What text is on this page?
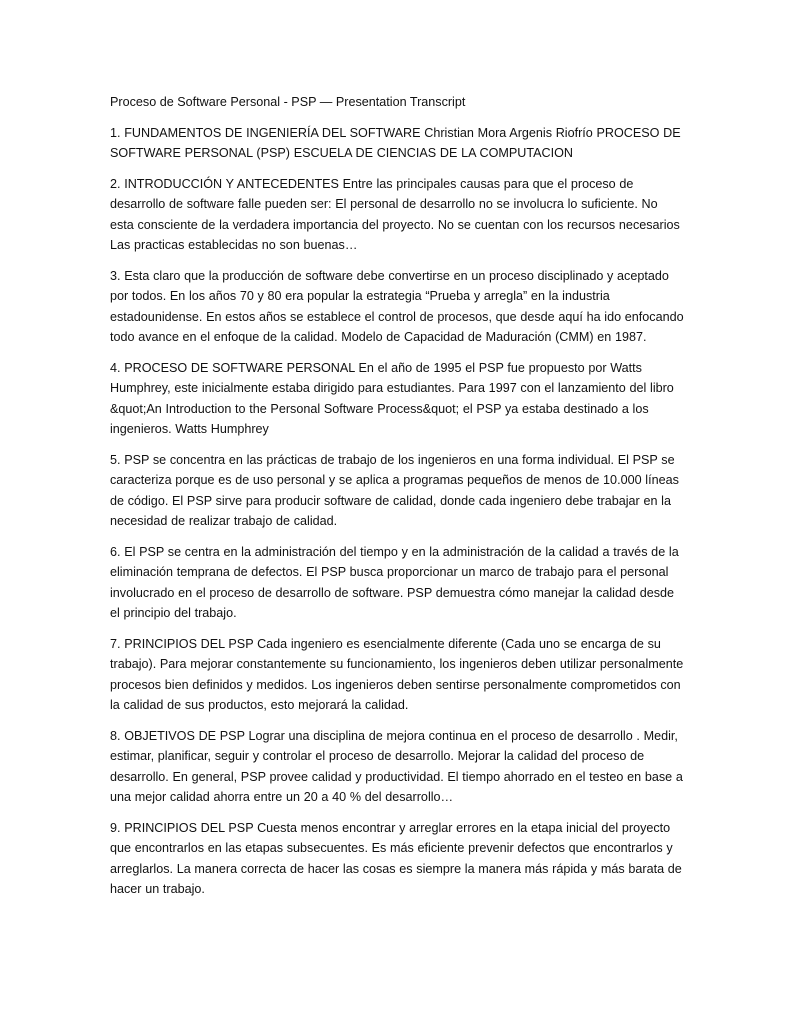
Proceso de Software Personal - PSP — Presentation Transcript

1. FUNDAMENTOS DE INGENIERÍA DEL SOFTWARE Christian Mora Argenis Riofrío PROCESO DE SOFTWARE PERSONAL (PSP) ESCUELA DE CIENCIAS DE LA COMPUTACION

2. INTRODUCCIÓN Y ANTECEDENTES Entre las principales causas para que el proceso de desarrollo de software falle pueden ser: El personal de desarrollo no se involucra lo suficiente. No esta consciente de la verdadera importancia del proyecto. No se cuentan con los recursos necesarios Las practicas establecidas no son buenas…

3. Esta claro que la producción de software debe convertirse en un proceso disciplinado y aceptado por todos. En los años 70 y 80 era popular la estrategia “Prueba y arregla” en la industria estadounidense. En estos años se establece el control de procesos, que desde aquí ha ido enfocando todo avance en el enfoque de la calidad. Modelo de Capacidad de Maduración (CMM) en 1987.

4. PROCESO DE SOFTWARE PERSONAL En el año de 1995 el PSP fue propuesto por Watts Humphrey, este inicialmente estaba dirigido para estudiantes. Para 1997 con el lanzamiento del libro &quot;An Introduction to the Personal Software Process&quot; el PSP ya estaba destinado a los ingenieros. Watts Humphrey

5. PSP se concentra en las prácticas de trabajo de los ingenieros en una forma individual. El PSP se caracteriza porque es de uso personal y se aplica a programas pequeños de menos de 10.000 líneas de código. El PSP sirve para producir software de calidad, donde cada ingeniero debe trabajar en la necesidad de realizar trabajo de calidad.

6. El PSP se centra en la administración del tiempo y en la administración de la calidad a través de la eliminación temprana de defectos. El PSP busca proporcionar un marco de trabajo para el personal involucrado en el proceso de desarrollo de software. PSP demuestra cómo manejar la calidad desde el principio del trabajo.

7. PRINCIPIOS DEL PSP Cada ingeniero es esencialmente diferente (Cada uno se encarga de su trabajo). Para mejorar constantemente su funcionamiento, los ingenieros deben utilizar personalmente procesos bien definidos y medidos. Los ingenieros deben sentirse personalmente comprometidos con la calidad de sus productos, esto mejorará la calidad.

8. OBJETIVOS DE PSP Lograr una disciplina de mejora continua en el proceso de desarrollo . Medir, estimar, planificar, seguir y controlar el proceso de desarrollo. Mejorar la calidad del proceso de desarrollo. En general, PSP provee calidad y productividad. El tiempo ahorrado en el testeo en base a una mejor calidad ahorra entre un 20 a 40 % del desarrollo…

9. PRINCIPIOS DEL PSP Cuesta menos encontrar y arreglar errores en la etapa inicial del proyecto que encontrarlos en las etapas subsecuentes. Es más eficiente prevenir defectos que encontrarlos y arreglarlos. La manera correcta de hacer las cosas es siempre la manera más rápida y más barata de hacer un trabajo.
